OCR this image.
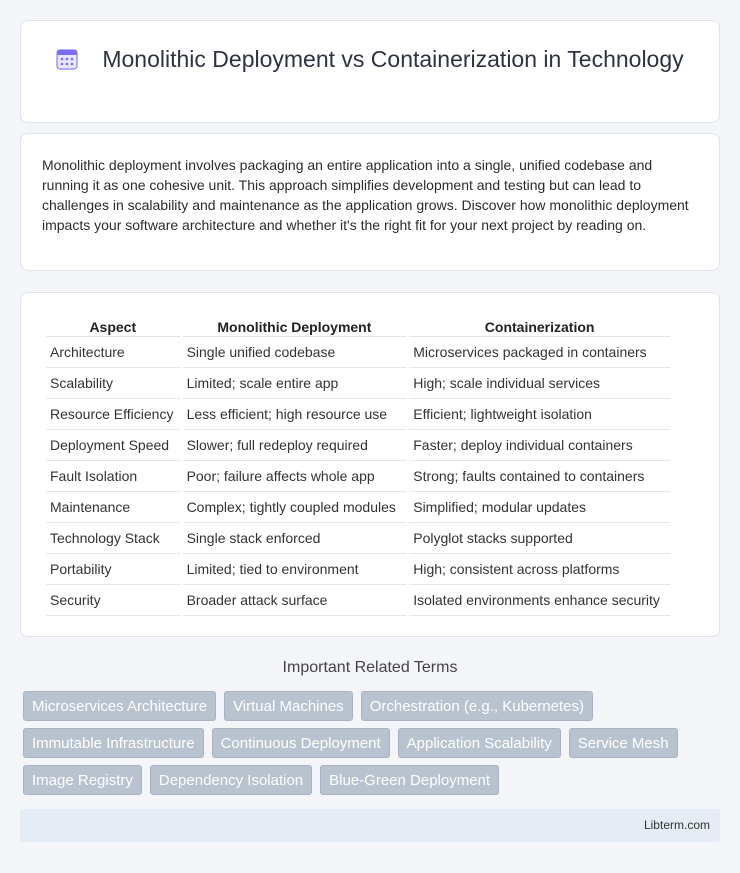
Monolithic Deployment vs Containerization in Technology

Monolithic deployment involves packaging an entire application into a single, unified codebase and running it as one cohesive unit. This approach simplifies development and testing but can lead to challenges in scalability and maintenance as the application grows. Discover how monolithic deployment impacts your software architecture and whether it's the right fit for your next project by reading on.

Aspect	Monolithic Deployment	Containerization
Architecture	Single unified codebase	Microservices packaged in containers
Scalability	Limited; scale entire app	High; scale individual services
Resource Efficiency	Less efficient; high resource use	Efficient; lightweight isolation
Deployment Speed	Slower; full redeploy required	Faster; deploy individual containers
Fault Isolation	Poor; failure affects whole app	Strong; faults contained to containers
Maintenance	Complex; tightly coupled modules	Simplified; modular updates
Technology Stack	Single stack enforced	Polyglot stacks supported
Portability	Limited; tied to environment	High; consistent across platforms
Security	Broader attack surface	Isolated environments enhance security
Important Related Terms
Microservices Architecture	Virtual Machines	Orchestration (e.g., Kubernetes)
Immutable Infrastructure	Continuous Deployment	Application Scalability	Service Mesh
Image Registry	Dependency Isolation	Blue-Green Deployment
Libterm.com
